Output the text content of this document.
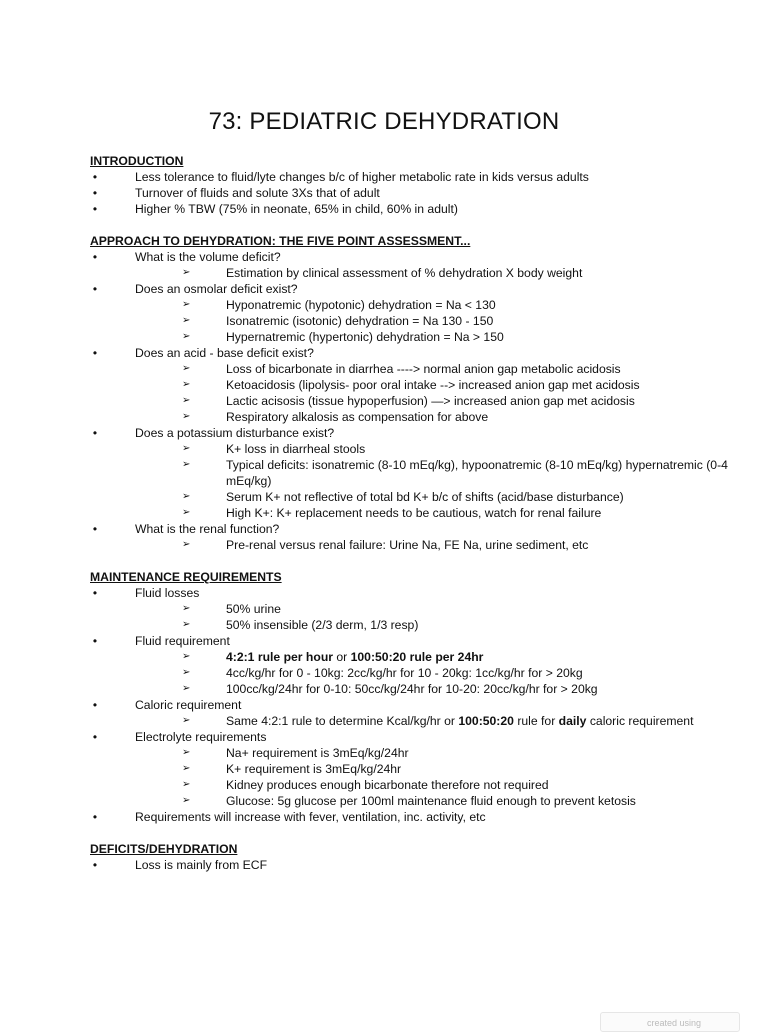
73: PEDIATRIC DEHYDRATION
INTRODUCTION
•	Less tolerance to fluid/lyte changes b/c of higher metabolic rate in kids versus adults
•	Turnover of fluids and solute 3Xs that of adult
•	Higher % TBW (75% in neonate, 65% in child, 60% in adult)
APPROACH TO DEHYDRATION: THE FIVE POINT ASSESSMENT...
•	What is the volume deficit?
➢	Estimation by clinical assessment of % dehydration X body weight
•	Does an osmolar deficit exist?
➢	Hyponatremic (hypotonic) dehydration = Na < 130
➢	Isonatremic (isotonic) dehydration = Na 130 - 150
➢	Hypernatremic (hypertonic) dehydration = Na > 150
•	Does an acid - base deficit exist?
➢	Loss of bicarbonate in diarrhea ----> normal anion gap metabolic acidosis
➢	Ketoacidosis (lipolysis- poor oral intake --> increased anion gap met acidosis
➢	Lactic acisosis (tissue hypoperfusion) —> increased anion gap met acidosis
➢	Respiratory alkalosis as compensation for above
•	Does a potassium disturbance exist?
➢	K+ loss in diarrheal stools
➢	Typical deficits: isonatremic (8-10 mEq/kg), hypoonatremic (8-10 mEq/kg) hypernatremic (0-4 mEq/kg)
➢	Serum K+ not reflective of total bd K+ b/c of shifts (acid/base disturbance)
➢	High K+: K+ replacement needs to be cautious, watch for renal failure
•	What is the renal function?
➢	Pre-renal versus renal failure: Urine Na, FE Na, urine sediment, etc
MAINTENANCE REQUIREMENTS
•	Fluid losses
➢	50% urine
➢	50% insensible (2/3 derm, 1/3 resp)
•	Fluid requirement
➢	4:2:1 rule per hour or 100:50:20 rule per 24hr
➢	4cc/kg/hr for 0 - 10kg: 2cc/kg/hr for 10 - 20kg: 1cc/kg/hr for > 20kg
➢	100cc/kg/24hr for 0-10: 50cc/kg/24hr for 10-20: 20cc/kg/hr for > 20kg
•	Caloric requirement
➢	Same 4:2:1 rule to determine Kcal/kg/hr or 100:50:20 rule for daily caloric requirement
•	Electrolyte requirements
➢	Na+ requirement is 3mEq/kg/24hr
➢	K+ requirement is 3mEq/kg/24hr
➢	Kidney produces enough bicarbonate therefore not required
➢	Glucose: 5g glucose per 100ml maintenance fluid enough to prevent ketosis
•	Requirements will increase with fever, ventilation, inc. activity, etc
DEFICITS/DEHYDRATION
•	Loss is mainly from ECF
created using
